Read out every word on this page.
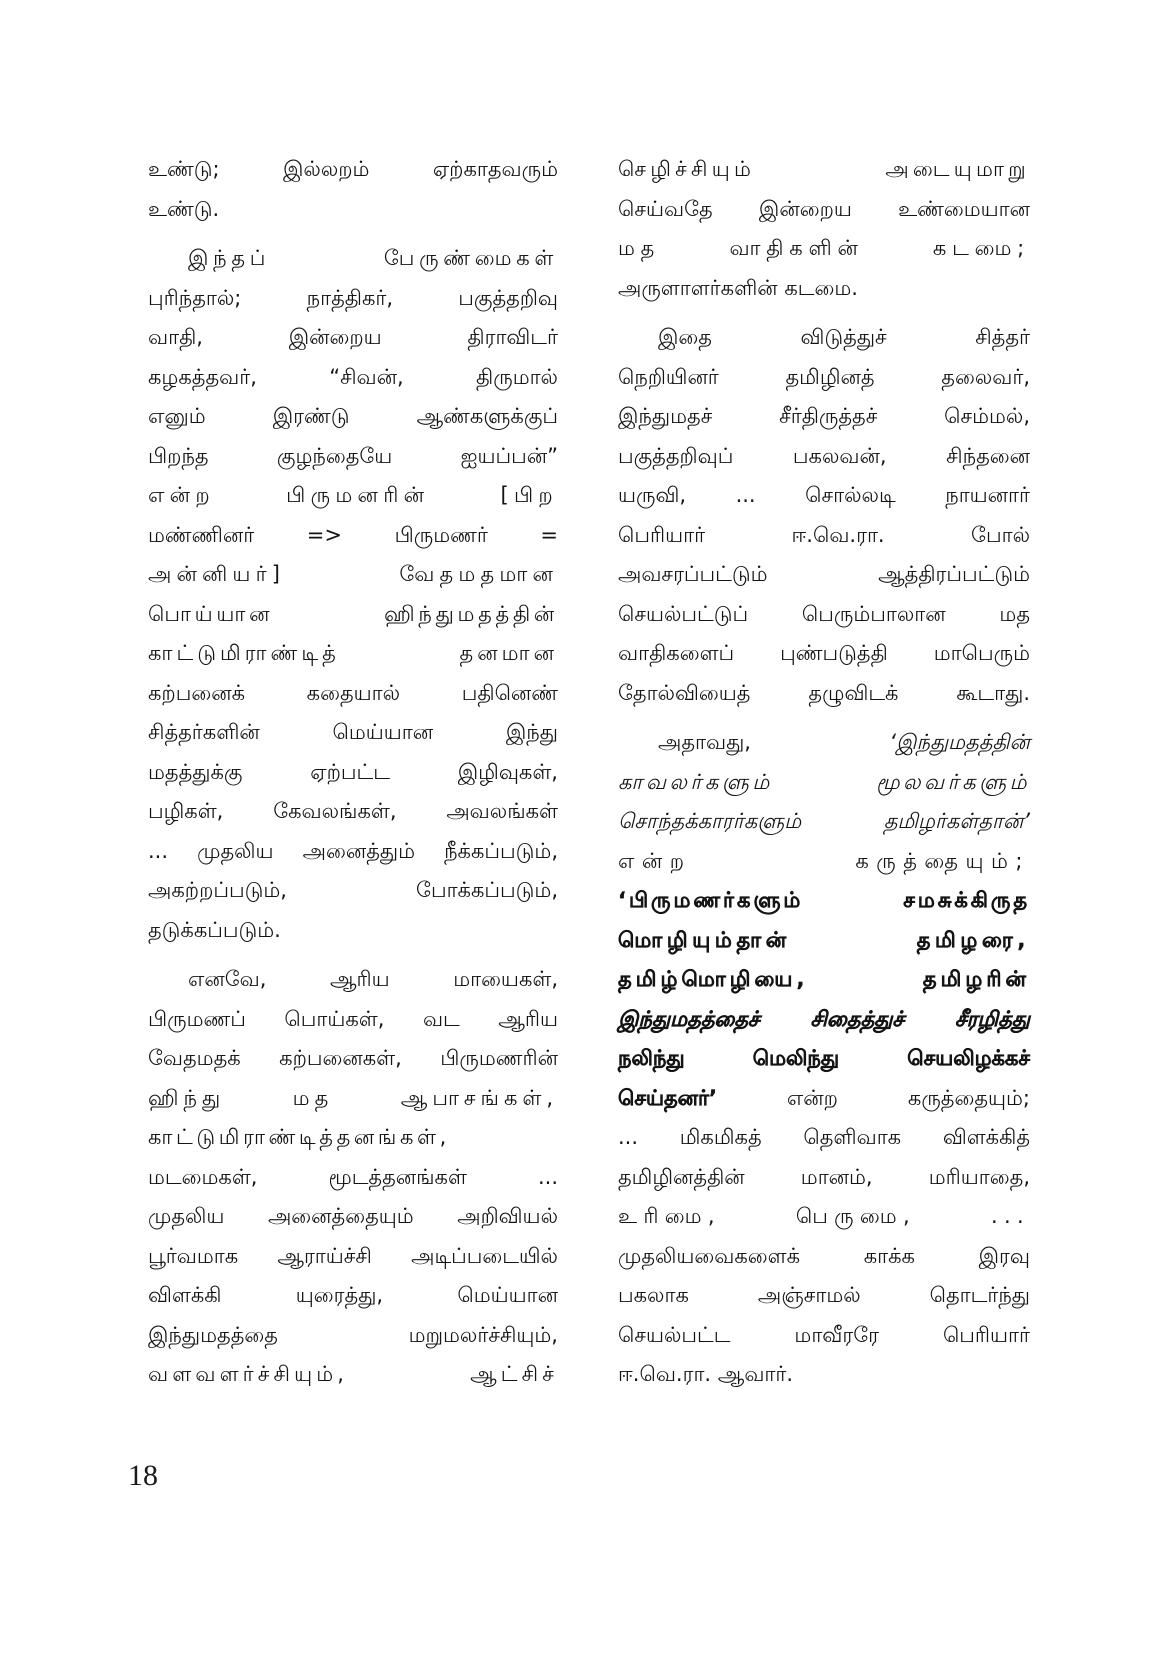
உண்டு; இல்லறம் ஏற்காதவரும்
உண்டு.
இந்தப் பேருண்மைகள்
புரிந்தால்; நாத்திகர், பகுத்தறிவு
வாதி, இன்றைய திராவிடர்
கழகத்தவர், “சிவன், திருமால்
எனும் இரண்டு ஆண்களுக்குப்
பிறந்த குழந்தையே ஐயப்பன்”
என்ற பிருமனரின் [பிற
மண்ணினர் => பிருமணர் =
அன்னியர்] வேதமதமான
பொய்யான ஹிந்துமதத்தின்
காட்டுமிராண்டித் தனமான
கற்பனைக் கதையால் பதினெண்
சித்தர்களின் மெய்யான இந்து
மதத்துக்கு ஏற்பட்ட இழிவுகள்,
பழிகள், கேவலங்கள், அவலங்கள்
... முதலிய அனைத்தும் நீக்கப்படும்,
அகற்றப்படும், போக்கப்படும்,
தடுக்கப்படும்.
எனவே, ஆரிய மாயைகள்,
பிருமணப் பொய்கள், வட ஆரிய
வேதமதக் கற்பனைகள், பிருமணரின்
ஹிந்து மத ஆபாசங்கள்,
காட்டுமிராண்டித்தனங்கள்,
மடமைகள், மூடத்தனங்கள் ...
முதலிய அனைத்தையும் அறிவியல்
பூர்வமாக ஆராய்ச்சி அடிப்படையில்
விளக்கி யுரைத்து, மெய்யான
இந்துமதத்தை மறுமலர்ச்சியும்,
வளவளர்ச்சியும், ஆட்சிச்
செழிச்சியும் அடையுமாறு
செய்வதே இன்றைய உண்மையான
மத வாதிகளின் கடமை;
அருளாளர்களின் கடமை.
இதை விடுத்துச் சித்தர்
நெறியினர் தமிழினத் தலைவர்,
இந்துமதச் சீர்திருத்தச் செம்மல்,
பகுத்தறிவுப் பகலவன், சிந்தனை
யருவி, ... சொல்லடி நாயனார்
பெரியார் ஈ.வெ.ரா. போல்
அவசரப்பட்டும் ஆத்திரப்பட்டும்
செயல்பட்டுப் பெரும்பாலான மத
வாதிகளைப் புண்படுத்தி மாபெரும்
தோல்வியைத் தழுவிடக் கூடாது.
அதாவது,	‘இந்துமதத்தின்
காவலர்களும் மூலவர்களும்
சொந்தக்காரர்களும் தமிழர்கள்தான்’
என்ற கருத்தையும்;
‘பிருமணர்களும் சமசுக்கிருத
மொழியும்தான் தமிழரை,
தமிழ்மொழியை, தமிழரின்
இந்துமதத்தைச் சிதைத்துச் சீரழித்து
நலிந்து மெலிந்து செயலிழக்கச்
செய்தனர்’	என்ற கருத்தையும்;
... மிகமிகத் தெளிவாக விளக்கித்
தமிழினத்தின் மானம், மரியாதை,
உரிமை, பெருமை, ...
முதலியவைகளைக் காக்க இரவு
பகலாக அஞ்சாமல் தொடர்ந்து
செயல்பட்ட மாவீரரே பெரியார்
ஈ.வெ.ரா. ஆவார்.
18
